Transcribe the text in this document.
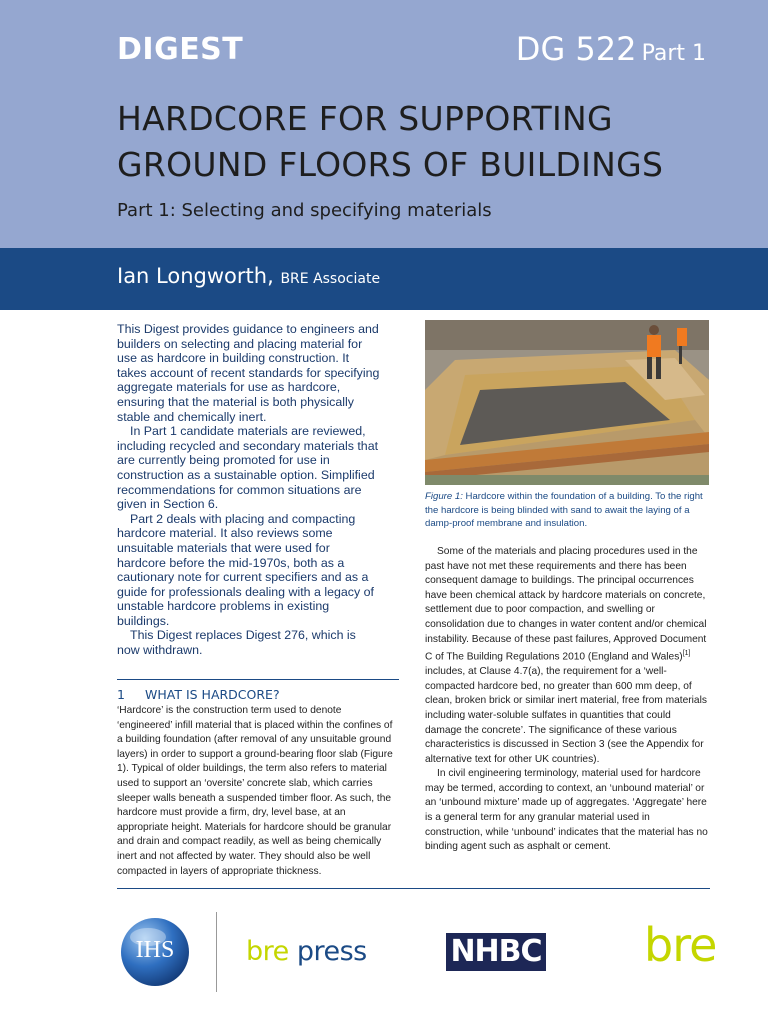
DIGEST	DG 522 Part 1
HARDCORE FOR SUPPORTING
GROUND FLOORS OF BUILDINGS
Part 1: Selecting and specifying materials
Ian Longworth, BRE Associate

This Digest provides guidance to engineers and builders on selecting and placing material for use as hardcore in building construction. It takes account of recent standards for specifying aggregate materials for use as hardcore, ensuring that the material is both physically stable and chemically inert.

In Part 1 candidate materials are reviewed, including recycled and secondary materials that are currently being promoted for use in construction as a sustainable option. Simplified recommendations for common situations are given in Section 6.

Part 2 deals with placing and compacting hardcore material. It also reviews some unsuitable materials that were used for hardcore before the mid-1970s, both as a cautionary note for current specifiers and as a guide for professionals dealing with a legacy of unstable hardcore problems in existing buildings.

This Digest replaces Digest 276, which is now withdrawn.

1 WHAT IS HARDCORE?
‘Hardcore’ is the construction term used to denote ‘engineered’ infill material that is placed within the confines of a building foundation (after removal of any unsuitable ground layers) in order to support a ground-bearing floor slab (Figure 1). Typical of older buildings, the term also refers to material used to support an ‘oversite’ concrete slab, which carries sleeper walls beneath a suspended timber floor. As such, the hardcore must provide a firm, dry, level base, at an appropriate height. Materials for hardcore should be granular and drain and compact readily, as well as being chemically inert and not affected by water. They should also be well compacted in layers of appropriate thickness.
Figure 1: Hardcore within the foundation of a building. To the right the hardcore is being blinded with sand to await the laying of a damp-proof membrane and insulation.

Some of the materials and placing procedures used in the past have not met these requirements and there has been consequent damage to buildings. The principal occurrences have been chemical attack by hardcore materials on concrete, settlement due to poor compaction, and swelling or consolidation due to changes in water content and/or chemical instability. Because of these past failures, Approved Document C of The Building Regulations 2010 (England and Wales)[1] includes, at Clause 4.7(a), the requirement for a ‘well-compacted hardcore bed, no greater than 600 mm deep, of clean, broken brick or similar inert material, free from materials including water-soluble sulfates in quantities that could damage the concrete’. The significance of these various characteristics is discussed in Section 3 (see the Appendix for alternative text for other UK countries).

In civil engineering terminology, material used for hardcore may be termed, according to context, an ‘unbound material’ or an ‘unbound mixture’ made up of aggregates. ‘Aggregate’ here is a general term for any granular material used in construction, while ‘unbound’ indicates that the material has no binding agent such as asphalt or cement.

IHS	bre press	NHBC bre
